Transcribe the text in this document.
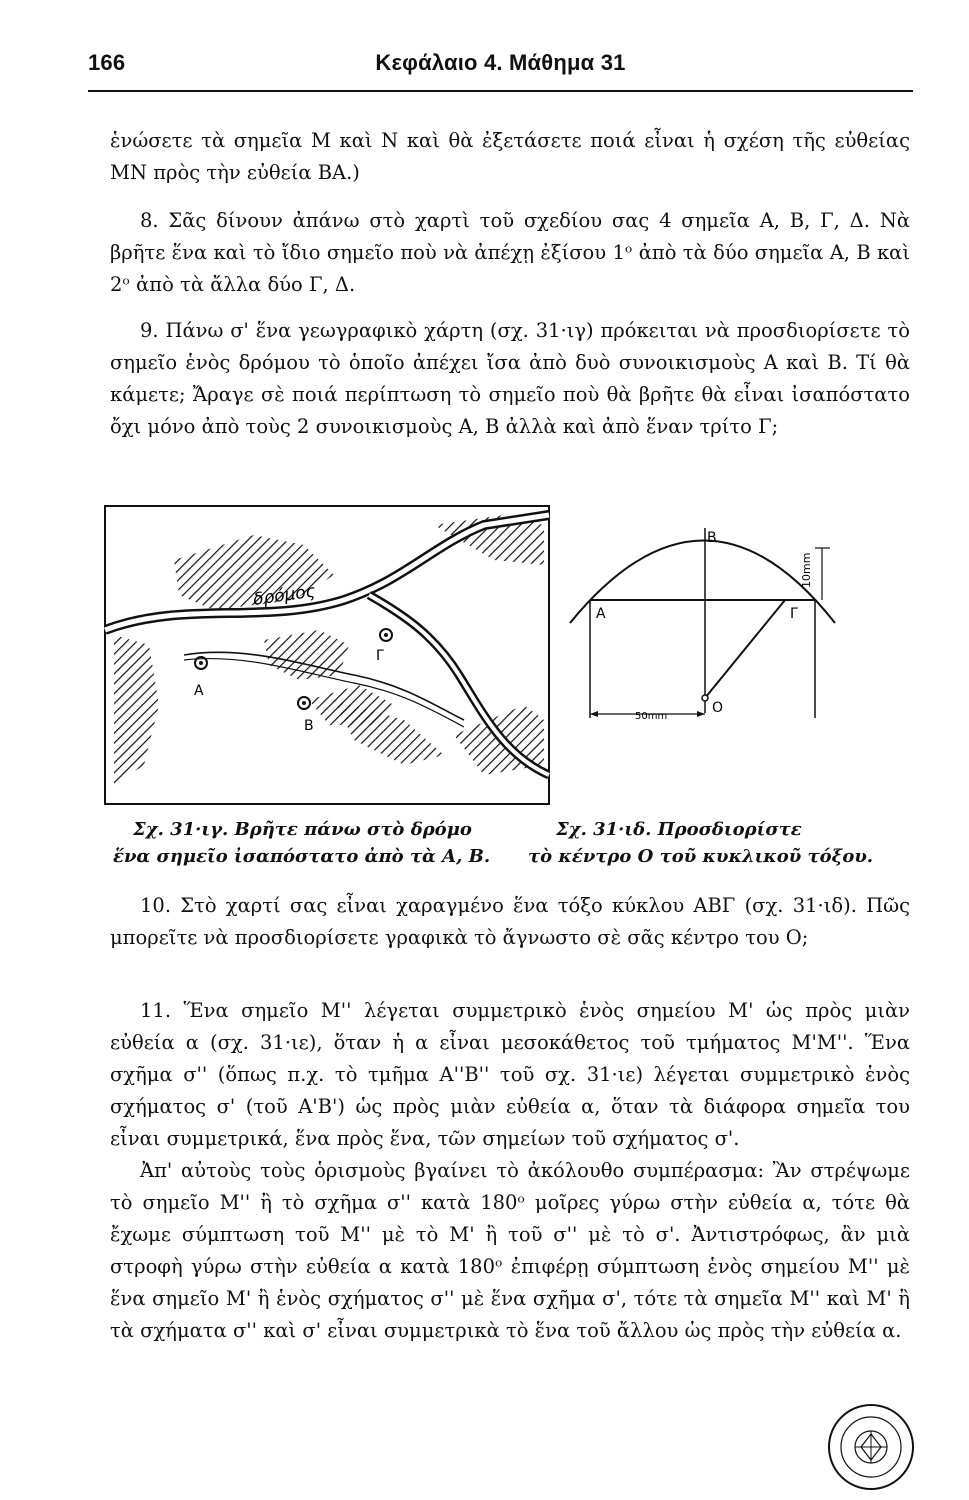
166	Κεφάλαιο 4. Μάθημα 31

ἑνώσετε τὰ σημεῖα M καὶ N καὶ θὰ ἐξετάσετε ποιά εἶναι ἡ σχέση τῆς εὐθείας MN πρὸς τὴν εὐθεία BA.)

8. Σᾶς δίνουν ἀπάνω στὸ χαρτὶ τοῦ σχεδίου σας 4 σημεῖα A, B, Γ, Δ. Νὰ βρῆτε ἕνα καὶ τὸ ἴδιο σημεῖο ποὺ νὰ ἀπέχῃ ἐξίσου 1ᵒ ἀπὸ τὰ δύο σημεῖα A, B καὶ 2ᵒ ἀπὸ τὰ ἄλλα δύο Γ, Δ.

9. Πάνω σ' ἕνα γεωγραφικὸ χάρτη (σχ. 31·ιγ) πρόκειται νὰ προσδιορίσετε τὸ σημεῖο ἑνὸς δρόμου τὸ ὁποῖο ἀπέχει ἴσα ἀπὸ δυὸ συνοικισμοὺς A καὶ B. Τί θὰ κάμετε; Ἄραγε σὲ ποιά περίπτωση τὸ σημεῖο ποὺ θὰ βρῆτε θὰ εἶναι ἰσαπόστατο ὄχι μόνο ἀπὸ τοὺς 2 συνοικισμοὺς A, B ἀλλὰ καὶ ἀπὸ ἕναν τρίτο Γ;

δρόμος
A
B
Γ
10mm
50mm
B
A	Γ
O
Σχ. 31·ιγ. Βρῆτε πάνω στὸ δρόμο
ἕνα σημεῖο ἰσαπόστατο ἀπὸ τὰ A, B.
Σχ. 31·ιδ. Προσδιορίστε
τὸ κέντρο O τοῦ κυκλικοῦ τόξου.

10. Στὸ χαρτί σας εἶναι χαραγμένο ἕνα τόξο κύκλου ΑΒΓ (σχ. 31·ιδ). Πῶς μπορεῖτε νὰ προσδιορίσετε γραφικὰ τὸ ἄγνωστο σὲ σᾶς κέντρο του O;

11. Ἕνα σημεῖο M'' λέγεται συμμετρικὸ ἑνὸς σημείου M' ὡς πρὸς μιὰν εὐθεία α (σχ. 31·ιε), ὅταν ἡ α εἶναι μεσοκάθετος τοῦ τμήματος M'M''. Ἕνα σχῆμα σ'' (ὅπως π.χ. τὸ τμῆμα A''B'' τοῦ σχ. 31·ιε) λέγεται συμμετρικὸ ἑνὸς σχήματος σ' (τοῦ A'B') ὡς πρὸς μιὰν εὐθεία α, ὅταν τὰ διάφορα σημεῖα του εἶναι συμμετρικά, ἕνα πρὸς ἕνα, τῶν σημείων τοῦ σχήματος σ'.

Ἀπ' αὐτοὺς τοὺς ὁρισμοὺς βγαίνει τὸ ἀκόλουθο συμπέρασμα: Ἂν στρέψωμε τὸ σημεῖο M'' ἢ τὸ σχῆμα σ'' κατὰ 180ᵒ μοῖρες γύρω στὴν εὐθεία α, τότε θὰ ἔχωμε σύμπτωση τοῦ M'' μὲ τὸ M' ἢ τοῦ σ'' μὲ τὸ σ'. Ἀντιστρόφως, ἂν μιὰ στροφὴ γύρω στὴν εὐθεία α κατὰ 180ᵒ ἐπιφέρῃ σύμπτωση ἑνὸς σημείου M'' μὲ ἕνα σημεῖο M' ἢ ἑνὸς σχήματος σ'' μὲ ἕνα σχῆμα σ', τότε τὰ σημεῖα M'' καὶ M' ἢ τὰ σχήματα σ'' καὶ σ' εἶναι συμμετρικὰ τὸ ἕνα τοῦ ἄλλου ὡς πρὸς τὴν εὐθεία α.
